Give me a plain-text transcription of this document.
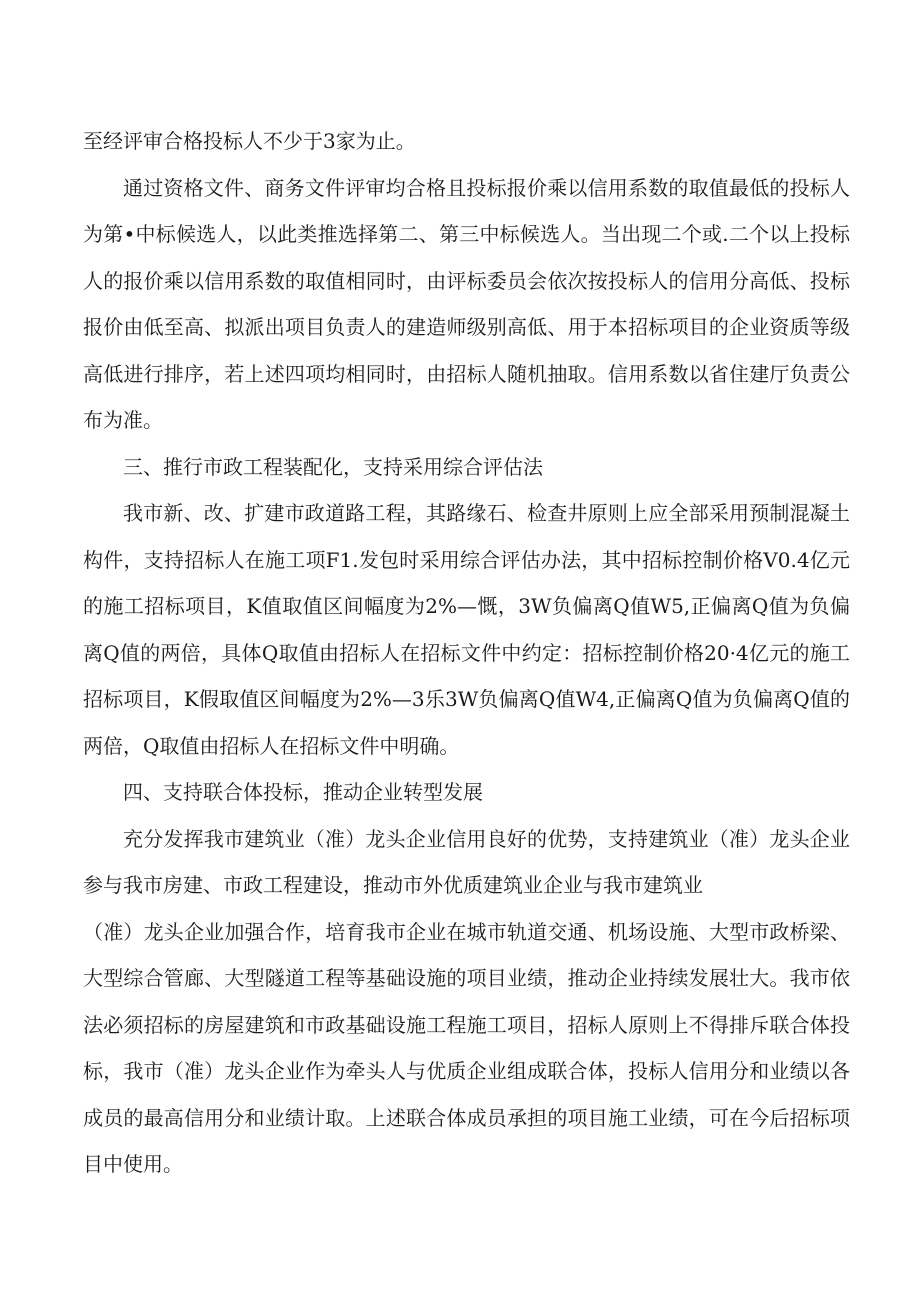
至经评审合格投标人不少于3家为止。

通过资格文件、商务文件评审均合格且投标报价乘以信用系数的取值最低的投标人为第•中标候选人，以此类推选择第二、第三中标候选人。当出现二个或.二个以上投标人的报价乘以信用系数的取值相同时，由评标委员会依次按投标人的信用分高低、投标报价由低至高、拟派出项目负责人的建造师级别高低、用于本招标项目的企业资质等级高低进行排序，若上述四项均相同时，由招标人随机抽取。信用系数以省住建厅负责公布为准。

三、推行市政工程装配化，支持采用综合评估法

我市新、改、扩建市政道路工程，其路缘石、检查井原则上应全部采用预制混凝土构件，支持招标人在施工项F1.发包时采用综合评估办法，其中招标控制价格V0.4亿元的施工招标项目，K值取值区间幅度为2%—慨，3W负偏离Q值W5,正偏离Q值为负偏离Q值的两倍，具体Q取值由招标人在招标文件中约定：招标控制价格20·4亿元的施工招标项目，K假取值区间幅度为2%—3乐3W负偏离Q值W4,正偏离Q值为负偏离Q值的两倍，Q取值由招标人在招标文件中明确。

四、支持联合体投标，推动企业转型发展

充分发挥我市建筑业（准）龙头企业信用良好的优势，支持建筑业（准）龙头企业参与我市房建、市政工程建设，推动市外优质建筑业企业与我市建筑业

（准）龙头企业加强合作，培育我市企业在城市轨道交通、机场设施、大型市政桥梁、大型综合管廊、大型隧道工程等基础设施的项目业绩，推动企业持续发展壮大。我市依法必须招标的房屋建筑和市政基础设施工程施工项目，招标人原则上不得排斥联合体投标，我市（准）龙头企业作为牵头人与优质企业组成联合体，投标人信用分和业绩以各成员的最高信用分和业绩计取。上述联合体成员承担的项目施工业绩，可在今后招标项目中使用。
